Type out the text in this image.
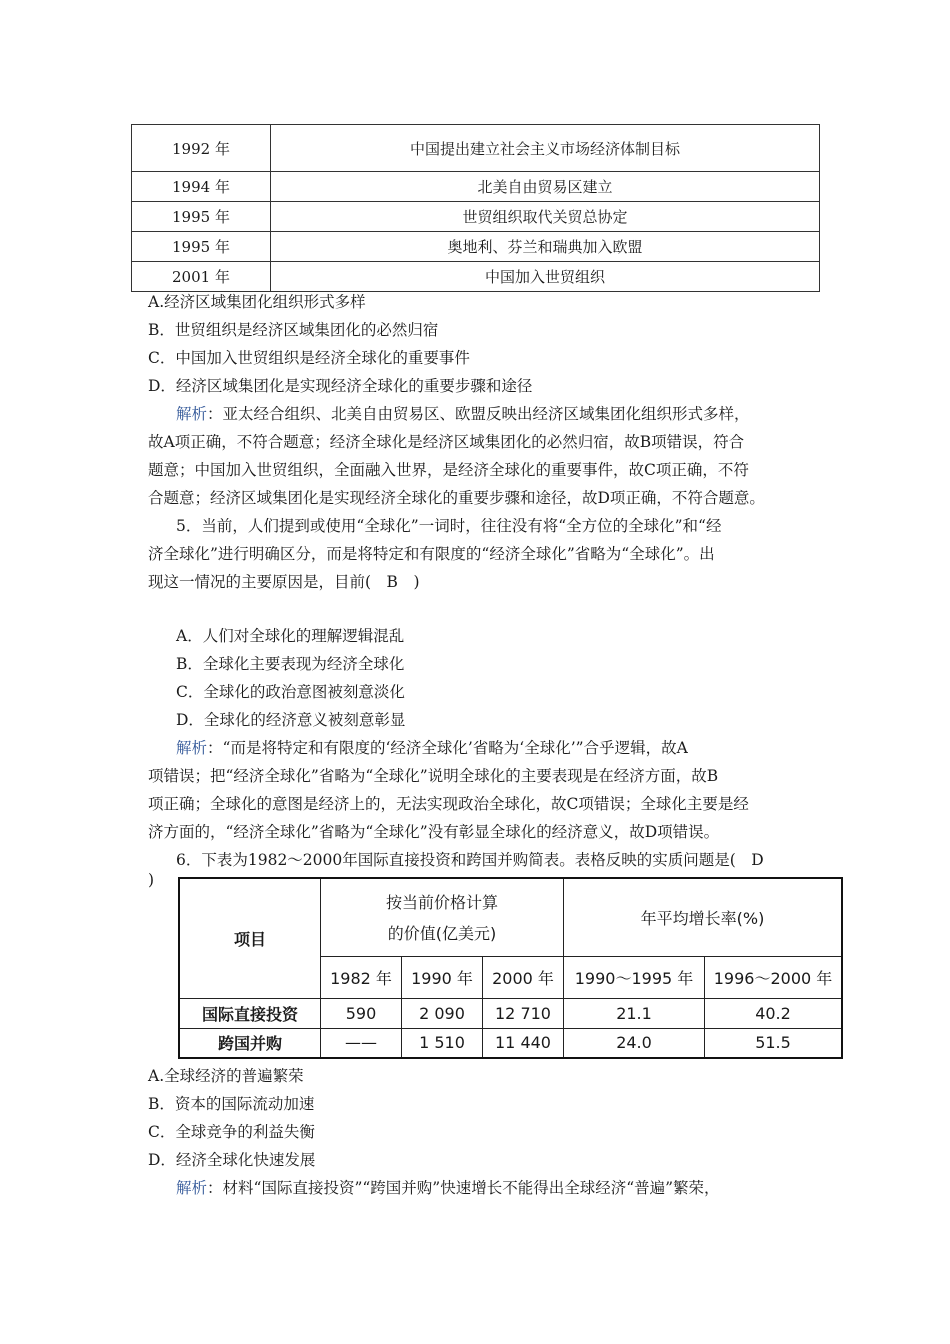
1992 年	中国提出建立社会主义市场经济体制目标
1994 年	北美自由贸易区建立
1995 年	世贸组织取代关贸总协定
1995 年	奥地利、芬兰和瑞典加入欧盟
2001 年	中国加入世贸组织
A.经济区域集团化组织形式多样
B．世贸组织是经济区域集团化的必然归宿
C．中国加入世贸组织是经济全球化的重要事件
D．经济区域集团化是实现经济全球化的重要步骤和途径
解析：亚太经合组织、北美自由贸易区、欧盟反映出经济区域集团化组织形式多样，
故A项正确，不符合题意；经济全球化是经济区域集团化的必然归宿，故B项错误，符合
题意；中国加入世贸组织，全面融入世界，是经济全球化的重要事件，故C项正确，不符
合题意；经济区域集团化是实现经济全球化的重要步骤和途径，故D项正确，不符合题意。
5．当前，人们提到或使用“全球化”一词时，往往没有将“全方位的全球化”和“经
济全球化”进行明确区分，而是将特定和有限度的“经济全球化”省略为“全球化”。出
现这一情况的主要原因是，目前(　B　)
A．人们对全球化的理解逻辑混乱
B．全球化主要表现为经济全球化
C．全球化的政治意图被刻意淡化
D．全球化的经济意义被刻意彰显
解析：“而是将特定和有限度的‘经济全球化’省略为‘全球化’”合乎逻辑，故A
项错误；把“经济全球化”省略为“全球化”说明全球化的主要表现是在经济方面，故B
项正确；全球化的意图是经济上的，无法实现政治全球化，故C项错误；全球化主要是经
济方面的，“经济全球化”省略为“全球化”没有彰显全球化的经济意义，故D项错误。
6．下表为1982～2000年国际直接投资和跨国并购简表。表格反映的实质问题是(　D
)
项目	按当前价格计算
的价值(亿美元)			年平均增长率(%)	
	1982 年	1990 年	2000 年	1990～1995 年	1996～2000 年
国际直接投资	590	2 090	12 710	21.1	40.2
跨国并购	——	1 510	11 440	24.0	51.5
A.全球经济的普遍繁荣
B．资本的国际流动加速
C．全球竞争的利益失衡
D．经济全球化快速发展
解析：材料“国际直接投资”“跨国并购”快速增长不能得出全球经济“普遍”繁荣，
